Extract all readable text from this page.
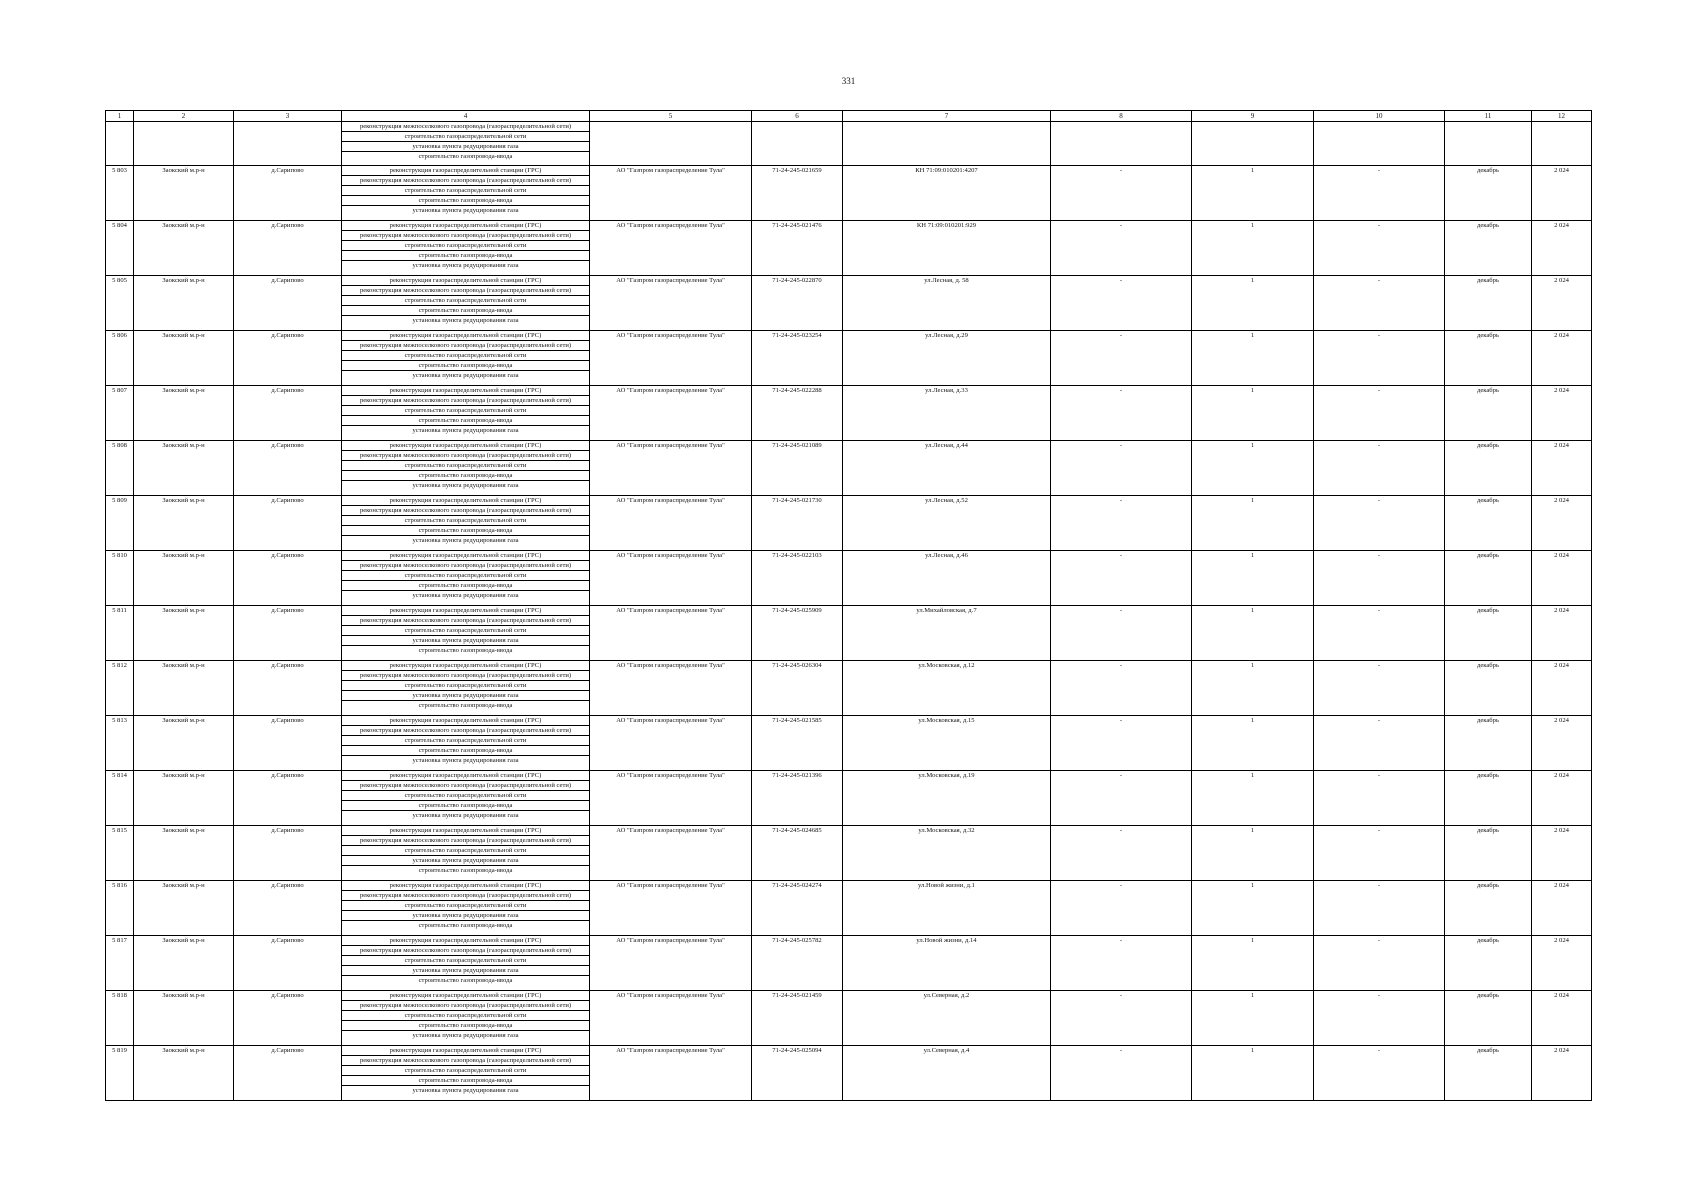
331
1	2	3	4	5	6	7	8	9	10	11	12

			реконструкция межпоселкового газопровода (газораспределительной сети)
строительство газораспределительной сети
установка пункта редуцирования газа
строительство газопровода-ввода								

5 803	Заокский м.р-н	д.Сарипово	реконструкция газораспределительной станции (ГРС)
реконструкция межпоселкового газопровода (газораспределительной сети)
строительство газораспределительной сети
строительство газопровода-ввода
установка пункта редуцирования газа	АО "Газпром газораспределение Тула"	71-24-245-021659	КН 71:09:010201:4207	-	1	-	декабрь	2 024
5 804	Заокский м.р-н	д.Сарипово	реконструкция газораспределительной станции (ГРС)
реконструкция межпоселкового газопровода (газораспределительной сети)
строительство газораспределительной сети
строительство газопровода-ввода
установка пункта редуцирования газа	АО "Газпром газораспределение Тула"	71-24-245-021476	КН 71:09:010201:929	-	1	-	декабрь	2 024
5 805	Заокский м.р-н	д.Сарипово	реконструкция газораспределительной станции (ГРС)
реконструкция межпоселкового газопровода (газораспределительной сети)
строительство газораспределительной сети
строительство газопровода-ввода
установка пункта редуцирования газа	АО "Газпром газораспределение Тула"	71-24-245-022870	ул.Лесная, д. 58	-	1	-	декабрь	2 024
5 806	Заокский м.р-н	д.Сарипово	реконструкция газораспределительной станции (ГРС)
реконструкция межпоселкового газопровода (газораспределительной сети)
строительство газораспределительной сети
строительство газопровода-ввода
установка пункта редуцирования газа	АО "Газпром газораспределение Тула"	71-24-245-023254	ул.Лесная, д.29	-	1	-	декабрь	2 024
5 807	Заокский м.р-н	д.Сарипово	реконструкция газораспределительной станции (ГРС)
реконструкция межпоселкового газопровода (газораспределительной сети)
строительство газораспределительной сети
строительство газопровода-ввода
установка пункта редуцирования газа	АО "Газпром газораспределение Тула"	71-24-245-022288	ул.Лесная, д.33	-	1	-	декабрь	2 024
5 808	Заокский м.р-н	д.Сарипово	реконструкция газораспределительной станции (ГРС)
реконструкция межпоселкового газопровода (газораспределительной сети)
строительство газораспределительной сети
строительство газопровода-ввода
установка пункта редуцирования газа	АО "Газпром газораспределение Тула"	71-24-245-021089	ул.Лесная, д.44	-	1	-	декабрь	2 024
5 809	Заокский м.р-н	д.Сарипово	реконструкция газораспределительной станции (ГРС)
реконструкция межпоселкового газопровода (газораспределительной сети)
строительство газораспределительной сети
строительство газопровода-ввода
установка пункта редуцирования газа	АО "Газпром газораспределение Тула"	71-24-245-021730	ул.Лесная, д.52	-	1	-	декабрь	2 024
5 810	Заокский м.р-н	д.Сарипово	реконструкция газораспределительной станции (ГРС)
реконструкция межпоселкового газопровода (газораспределительной сети)
строительство газораспределительной сети
строительство газопровода-ввода
установка пункта редуцирования газа	АО "Газпром газораспределение Тула"	71-24-245-022103	ул.Лесная, д.46	-	1	-	декабрь	2 024
5 811	Заокский м.р-н	д.Сарипово	реконструкция газораспределительной станции (ГРС)
реконструкция межпоселкового газопровода (газораспределительной сети)
строительство газораспределительной сети
установка пункта редуцирования газа
строительство газопровода-ввода	АО "Газпром газораспределение Тула"	71-24-245-025909	ул.Михайловская, д.7	-	1	-	декабрь	2 024
5 812	Заокский м.р-н	д.Сарипово	реконструкция газораспределительной станции (ГРС)
реконструкция межпоселкового газопровода (газораспределительной сети)
строительство газораспределительной сети
установка пункта редуцирования газа
строительство газопровода-ввода	АО "Газпром газораспределение Тула"	71-24-245-026304	ул.Московская, д.12	-	1	-	декабрь	2 024
5 813	Заокский м.р-н	д.Сарипово	реконструкция газораспределительной станции (ГРС)
реконструкция межпоселкового газопровода (газораспределительной сети)
строительство газораспределительной сети
строительство газопровода-ввода
установка пункта редуцирования газа	АО "Газпром газораспределение Тула"	71-24-245-021585	ул.Московская, д.15	-	1	-	декабрь	2 024
5 814	Заокский м.р-н	д.Сарипово	реконструкция газораспределительной станции (ГРС)
реконструкция межпоселкового газопровода (газораспределительной сети)
строительство газораспределительной сети
строительство газопровода-ввода
установка пункта редуцирования газа	АО "Газпром газораспределение Тула"	71-24-245-021396	ул.Московская, д.19	-	1	-	декабрь	2 024
5 815	Заокский м.р-н	д.Сарипово	реконструкция газораспределительной станции (ГРС)
реконструкция межпоселкового газопровода (газораспределительной сети)
строительство газораспределительной сети
установка пункта редуцирования газа
строительство газопровода-ввода	АО "Газпром газораспределение Тула"	71-24-245-024685	ул.Московская, д.32	-	1	-	декабрь	2 024
5 816	Заокский м.р-н	д.Сарипово	реконструкция газораспределительной станции (ГРС)
реконструкция межпоселкового газопровода (газораспределительной сети)
строительство газораспределительной сети
установка пункта редуцирования газа
строительство газопровода-ввода	АО "Газпром газораспределение Тула"	71-24-245-024274	ул.Новой жизни, д.1	-	1	-	декабрь	2 024
5 817	Заокский м.р-н	д.Сарипово	реконструкция газораспределительной станции (ГРС)
реконструкция межпоселкового газопровода (газораспределительной сети)
строительство газораспределительной сети
установка пункта редуцирования газа
строительство газопровода-ввода	АО "Газпром газораспределение Тула"	71-24-245-025782	ул.Новой жизни, д.14	-	1	-	декабрь	2 024
5 818	Заокский м.р-н	д.Сарипово	реконструкция газораспределительной станции (ГРС)
реконструкция межпоселкового газопровода (газораспределительной сети)
строительство газораспределительной сети
строительство газопровода-ввода
установка пункта редуцирования газа	АО "Газпром газораспределение Тула"	71-24-245-021459	ул.Северная, д.2	-	1	-	декабрь	2 024
5 819	Заокский м.р-н	д.Сарипово	реконструкция газораспределительной станции (ГРС)
реконструкция межпоселкового газопровода (газораспределительной сети)
строительство газораспределительной сети
строительство газопровода-ввода
установка пункта редуцирования газа	АО "Газпром газораспределение Тула"	71-24-245-025094	ул.Северная, д.4	-	1	-	декабрь	2 024
